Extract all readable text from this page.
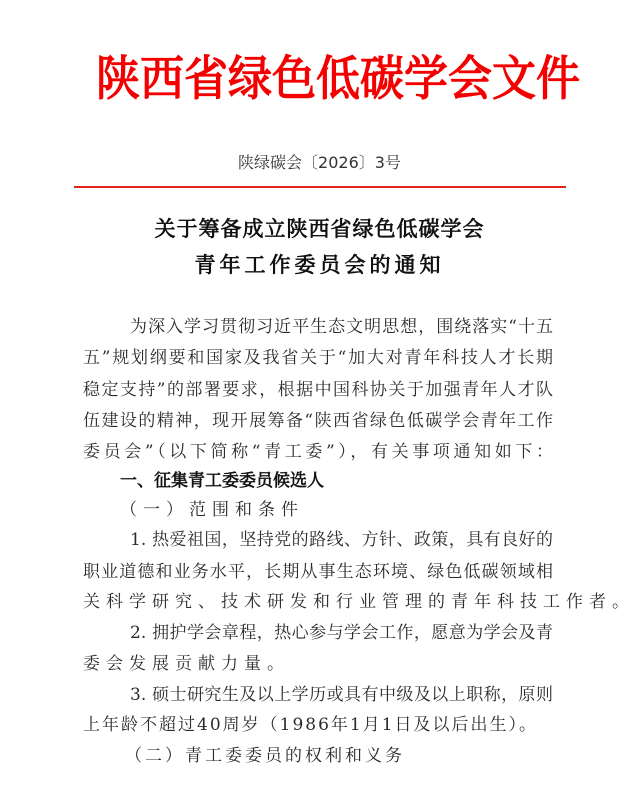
陕西省绿色低碳学会文件
陕绿碳会〔2026〕3号
关于筹备成立陕西省绿色低碳学会
青年工作委员会的通知
为深入学习贯彻习近平生态文明思想，围绕落实“十五
五”规划纲要和国家及我省关于“加大对青年科技人才长期
稳定支持”的部署要求，根据中国科协关于加强青年人才队
伍建设的精神，现开展筹备“陕西省绿色低碳学会青年工作
委员会”（以下简称“青工委”），有关事项通知如下：
一、征集青工委委员候选人
（一）范围和条件
1. 热爱祖国，坚持党的路线、方针、政策，具有良好的
职业道德和业务水平，长期从事生态环境、绿色低碳领域相
关科学研究、技术研发和行业管理的青年科技工作者。
2. 拥护学会章程，热心参与学会工作，愿意为学会及青
委会发展贡献力量。
3. 硕士研究生及以上学历或具有中级及以上职称，原则
上年龄不超过40周岁（1986年1月1日及以后出生）。
（二）青工委委员的权利和义务
